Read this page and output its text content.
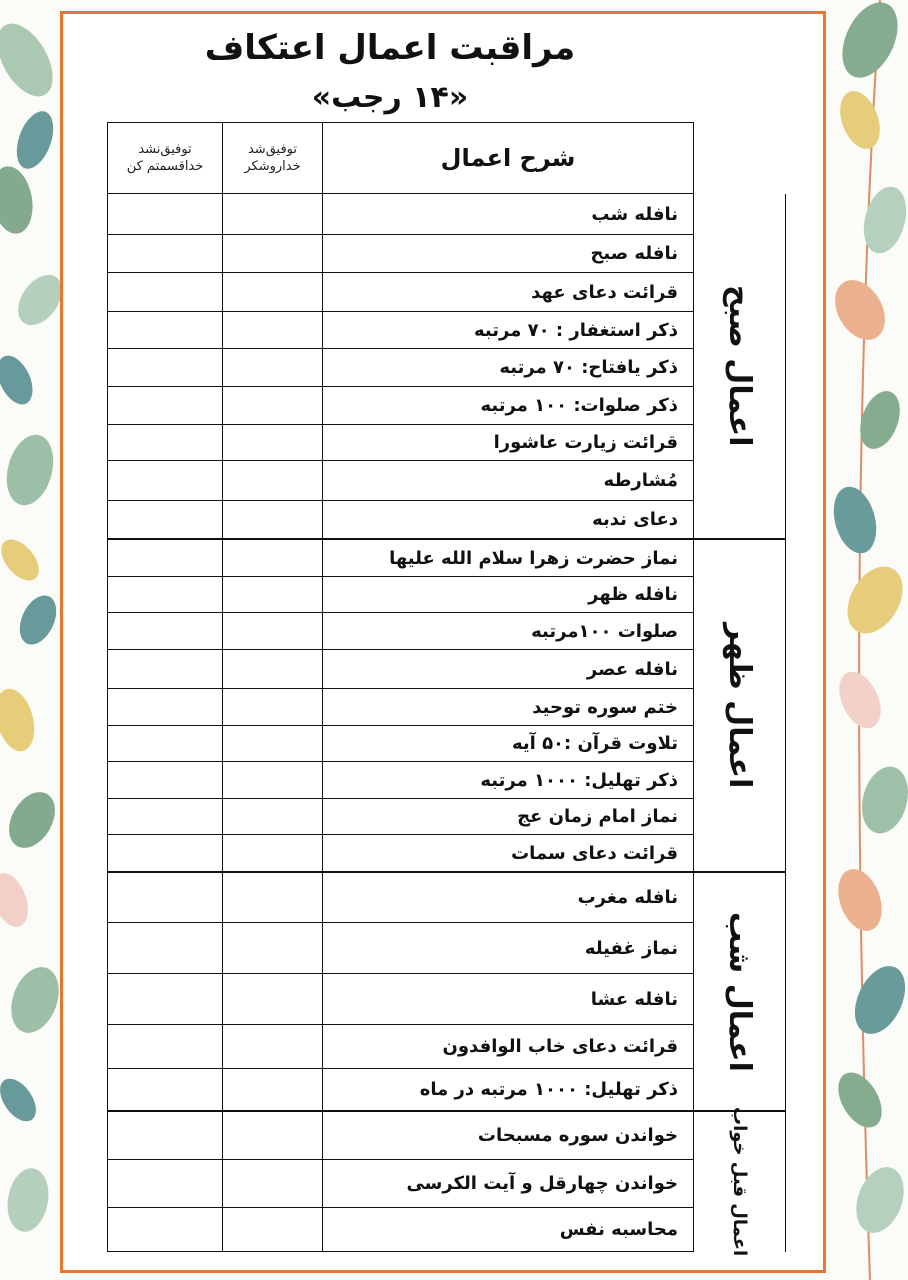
مراقبت اعمال اعتکاف
«۱۴ رجب»
توفیق‌نشد
خداقسمتم کن
توفیق‌شد
خداروشکر	شرح اعمال
نافله شب
نافله صبح
قرائت دعای عهد
ذکر استغفار : ۷۰ مرتبه
ذکر یافتاح: ۷۰ مرتبه
ذکر صلوات: ۱۰۰ مرتبه
قرائت زیارت عاشورا
مُشارطه
دعای ندبه
نماز حضرت زهرا سلام الله علیها
نافله ظهر
صلوات ۱۰۰مرتبه
نافله عصر
ختم سوره توحید
تلاوت قرآن :۵۰ آیه
ذکر تهلیل: ۱۰۰۰ مرتبه
نماز امام زمان عج
قرائت دعای سمات
نافله مغرب
نماز غفیله
نافله عشا
قرائت دعای خاب الوافدون
ذکر تهلیل: ۱۰۰۰ مرتبه در ماه
خواندن سوره مسبحات
خواندن چهارقل و آیت الکرسی
محاسبه نفس
اعمال صبح
اعمال ظهر
اعمال شب
اعمال قبل خواب
